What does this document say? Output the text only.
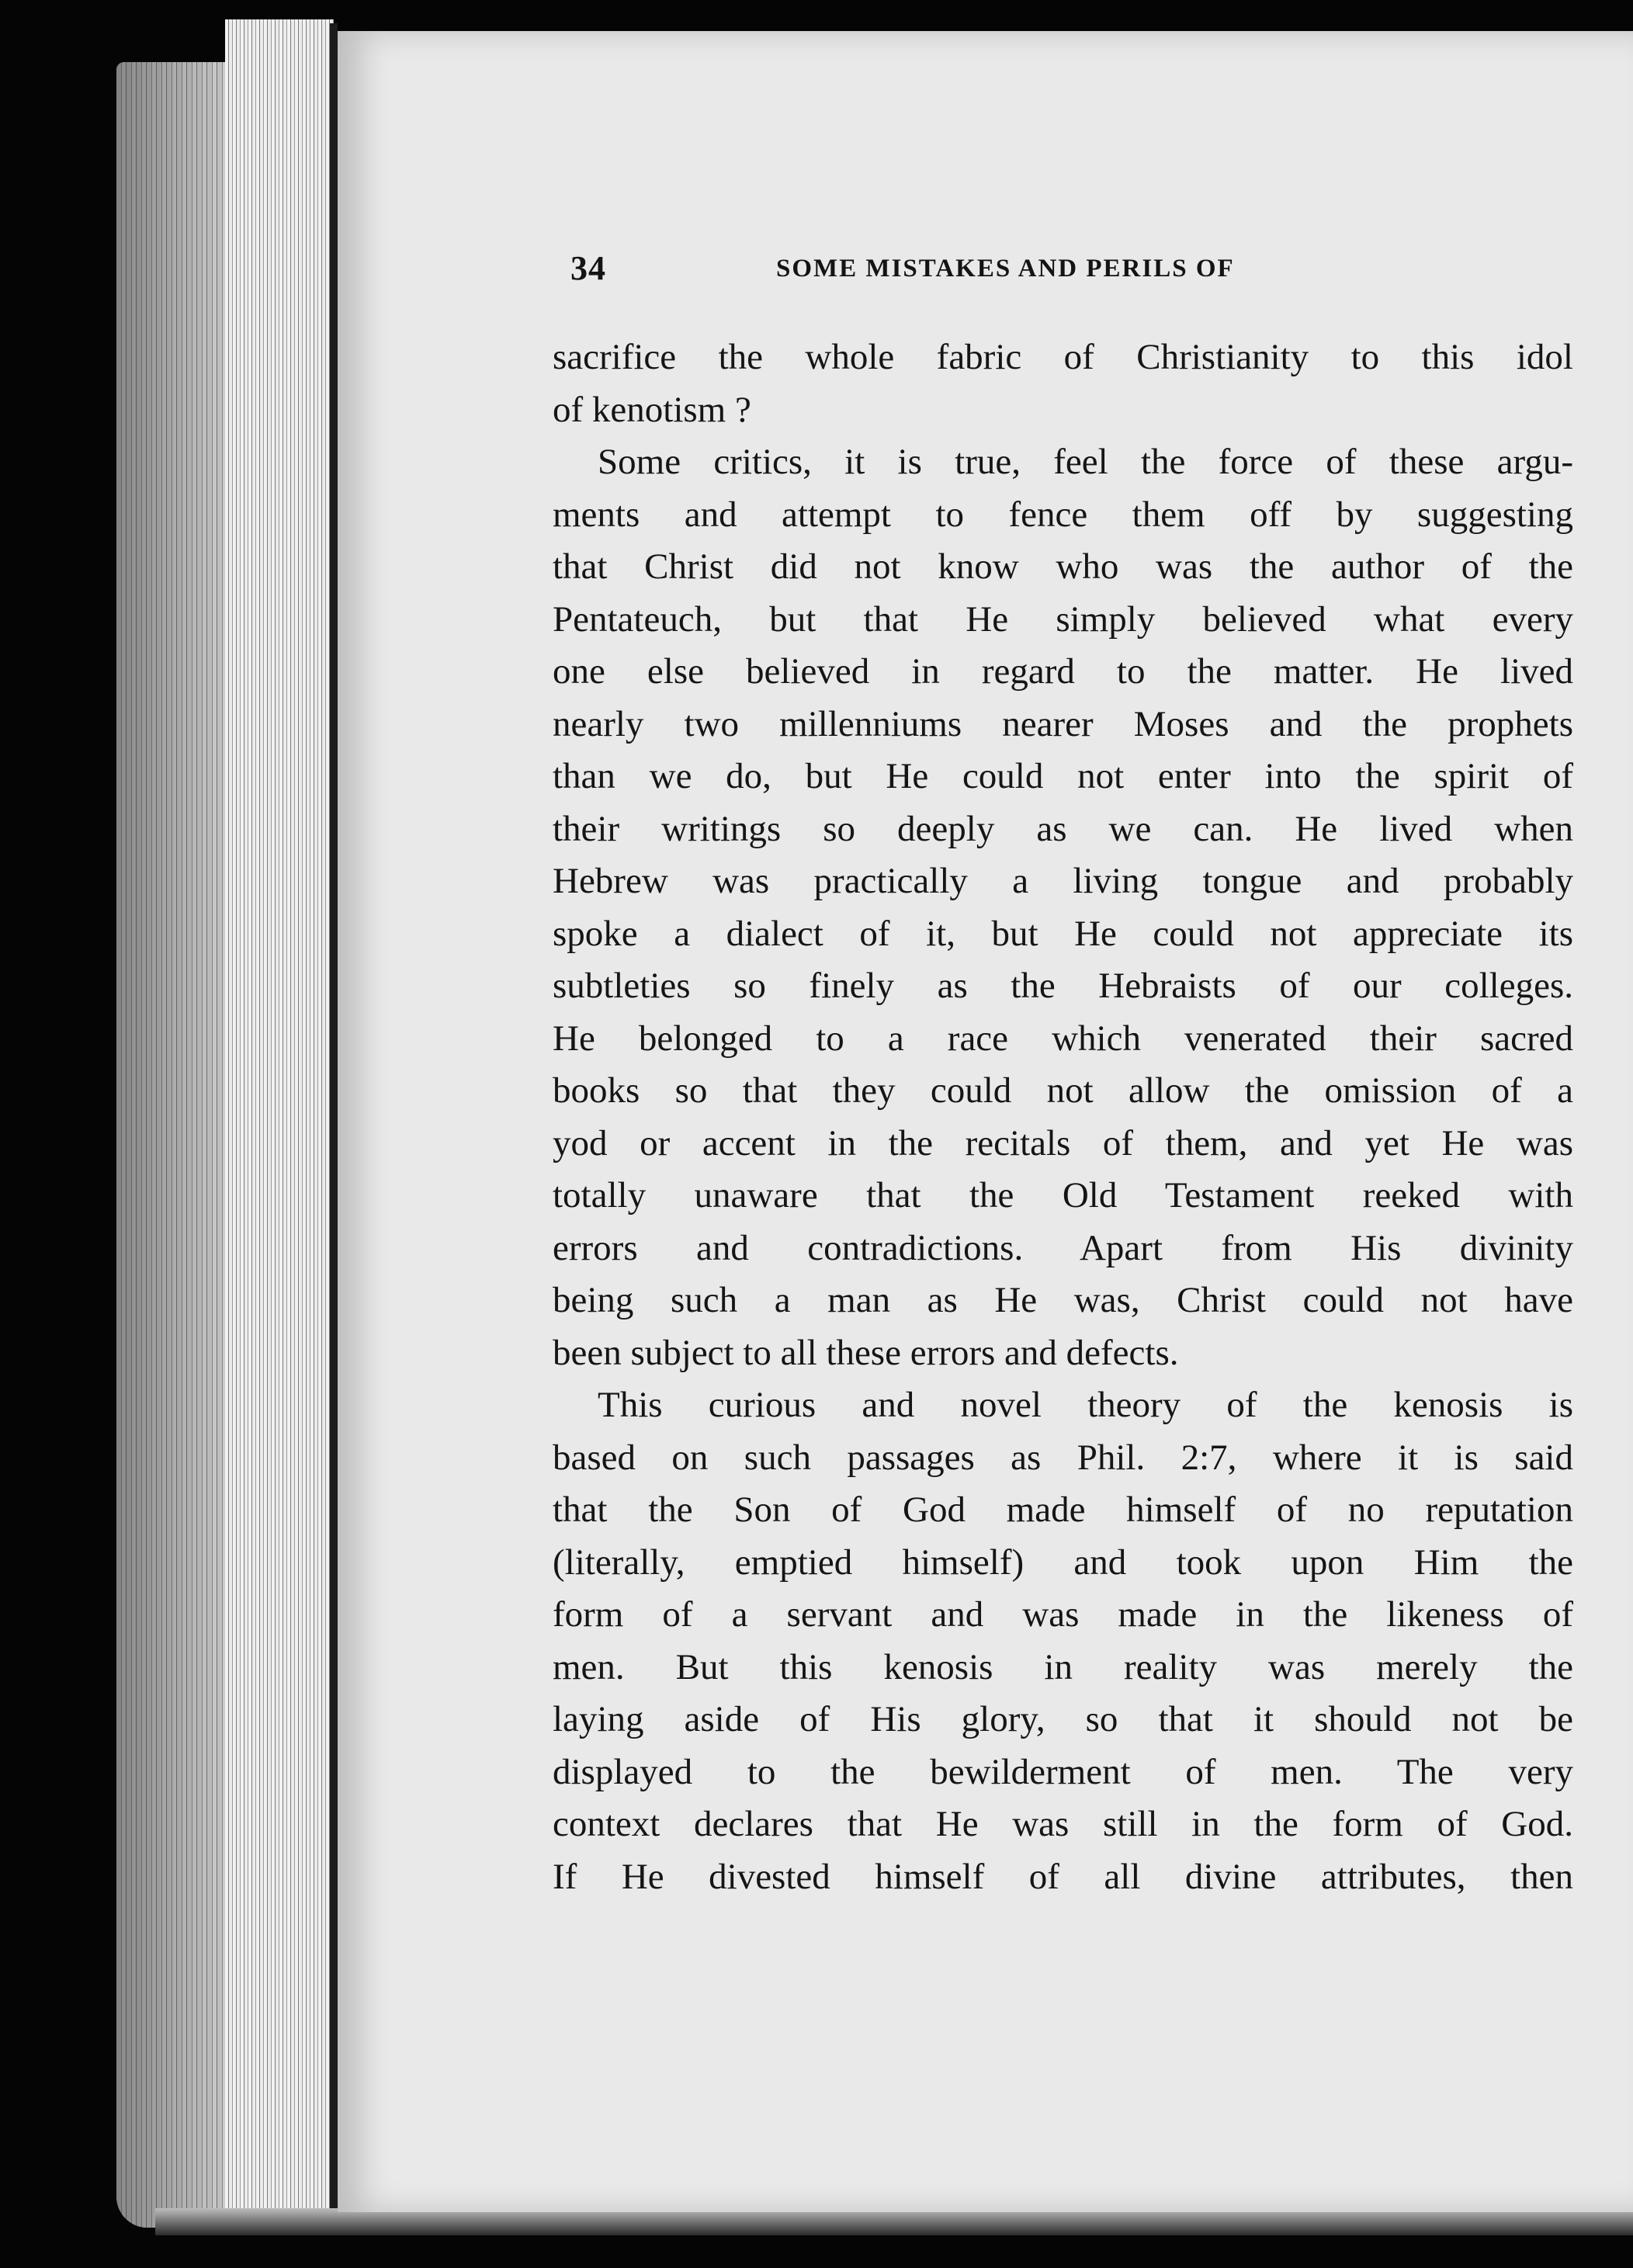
34	SOME MISTAKES AND PERILS OF
sacrifice the whole fabric of Christianity to this idol
of kenotism ?
Some critics, it is true, feel the force of these argu-
ments and attempt to fence them off by suggesting
that Christ did not know who was the author of the
Pentateuch, but that He simply believed what every
one else believed in regard to the matter. He lived
nearly two millenniums nearer Moses and the prophets
than we do, but He could not enter into the spirit of
their writings so deeply as we can. He lived when
Hebrew was practically a living tongue and probably
spoke a dialect of it, but He could not appreciate its
subtleties so finely as the Hebraists of our colleges.
He belonged to a race which venerated their sacred
books so that they could not allow the omission of a
yod or accent in the recitals of them, and yet He was
totally unaware that the Old Testament reeked with
errors and contradictions. Apart from His divinity
being such a man as He was, Christ could not have
been subject to all these errors and defects.
This curious and novel theory of the kenosis is
based on such passages as Phil. 2:7, where it is said
that the Son of God made himself of no reputation
(literally, emptied himself) and took upon Him the
form of a servant and was made in the likeness of
men. But this kenosis in reality was merely the
laying aside of His glory, so that it should not be
displayed to the bewilderment of men. The very
context declares that He was still in the form of God.
If He divested himself of all divine attributes, then
